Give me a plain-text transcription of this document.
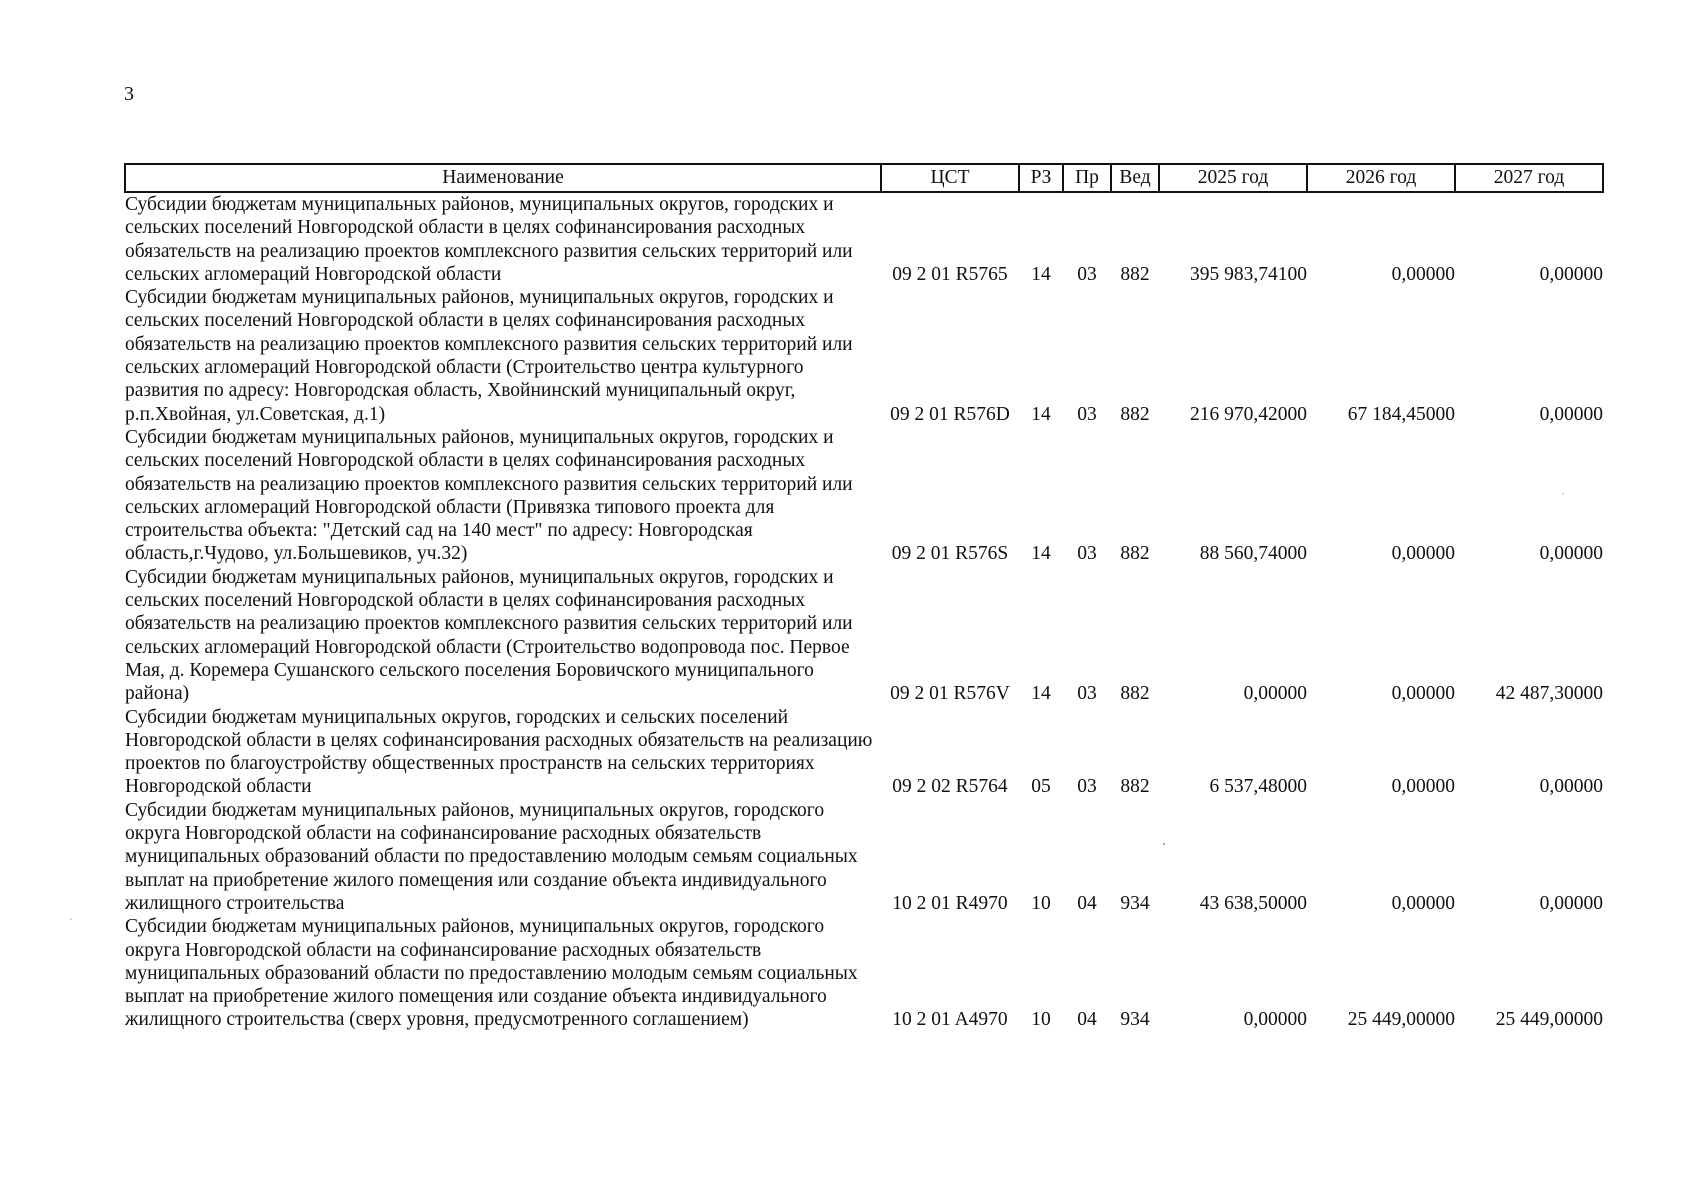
3
Наименование	ЦСТ	РЗ	Пр	Вед	2025 год	2026 год	2027 год
Субсидии бюджетам муниципальных районов, муниципальных округов, городских и сельских поселений Новгородской области в целях софинансирования расходных обязательств на реализацию проектов комплексного развития сельских территорий или сельских агломераций Новгородской области	09 2 01 R5765	14	03	882	395 983,74100	0,00000	0,00000
Субсидии бюджетам муниципальных районов, муниципальных округов, городских и сельских поселений Новгородской области в целях софинансирования расходных обязательств на реализацию проектов комплексного развития сельских территорий или сельских агломераций Новгородской области (Строительство центра культурного развития по адресу: Новгородская область, Хвойнинский муниципальный округ, р.п.Хвойная, ул.Советская, д.1)	09 2 01 R576D	14	03	882	216 970,42000	67 184,45000	0,00000
Субсидии бюджетам муниципальных районов, муниципальных округов, городских и сельских поселений Новгородской области в целях софинансирования расходных обязательств на реализацию проектов комплексного развития сельских территорий или сельских агломераций Новгородской области (Привязка типового проекта для строительства объекта: "Детский сад на 140 мест" по адресу: Новгородская область,г.Чудово, ул.Большевиков, уч.32)	09 2 01 R576S	14	03	882	88 560,74000	0,00000	0,00000
Субсидии бюджетам муниципальных районов, муниципальных округов, городских и сельских поселений Новгородской области в целях софинансирования расходных обязательств на реализацию проектов комплексного развития сельских территорий или сельских агломераций Новгородской области (Строительство водопровода пос. Первое Мая, д. Коремера Сушанского сельского поселения Боровичского муниципального района)	09 2 01 R576V	14	03	882	0,00000	0,00000	42 487,30000
Субсидии бюджетам муниципальных округов, городских и сельских поселений Новгородской области в целях софинансирования расходных обязательств на реализацию проектов по благоустройству общественных пространств на сельских территориях Новгородской области	09 2 02 R5764	05	03	882	6 537,48000	0,00000	0,00000
Субсидии бюджетам муниципальных районов, муниципальных округов, городского округа Новгородской области на софинансирование расходных обязательств муниципальных образований области по предоставлению молодым семьям социальных выплат на приобретение жилого помещения или создание объекта индивидуального жилищного строительства	10 2 01 R4970	10	04	934	43 638,50000	0,00000	0,00000
Субсидии бюджетам муниципальных районов, муниципальных округов, городского округа Новгородской области на софинансирование расходных обязательств муниципальных образований области по предоставлению молодым семьям социальных выплат на приобретение жилого помещения или создание объекта индивидуального жилищного строительства (сверх уровня, предусмотренного соглашением)	10 2 01 A4970	10	04	934	0,00000	25 449,00000	25 449,00000
